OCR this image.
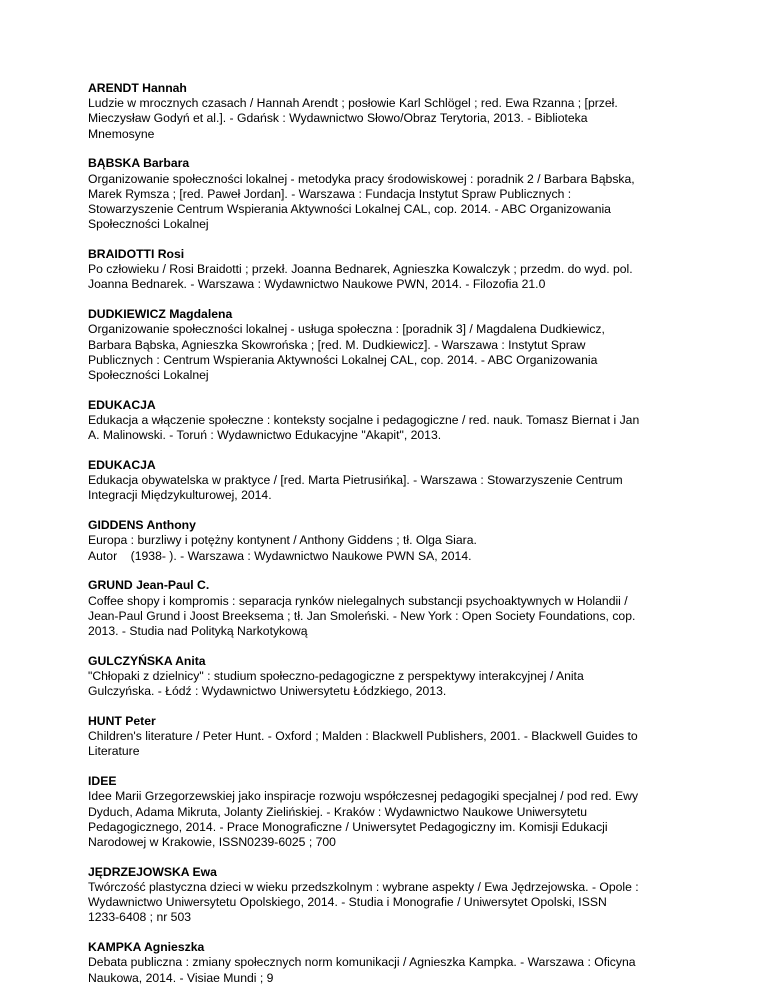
ARENDT Hannah
Ludzie w mrocznych czasach / Hannah Arendt ; posłowie Karl Schlögel ; red. Ewa Rzanna ; [przeł.
Mieczysław Godyń et al.]. - Gdańsk : Wydawnictwo Słowo/Obraz Terytoria, 2013. - Biblioteka
Mnemosyne
BĄBSKA Barbara
Organizowanie społeczności lokalnej - metodyka pracy środowiskowej : poradnik 2 / Barbara Bąbska,
Marek Rymsza ; [red. Paweł Jordan]. - Warszawa : Fundacja Instytut Spraw Publicznych :
Stowarzyszenie Centrum Wspierania Aktywności Lokalnej CAL, cop. 2014. - ABC Organizowania
Społeczności Lokalnej
BRAIDOTTI Rosi
Po człowieku / Rosi Braidotti ; przekł. Joanna Bednarek, Agnieszka Kowalczyk ; przedm. do wyd. pol.
Joanna Bednarek. - Warszawa : Wydawnictwo Naukowe PWN, 2014. - Filozofia 21.0
DUDKIEWICZ Magdalena
Organizowanie społeczności lokalnej - usługa społeczna : [poradnik 3] / Magdalena Dudkiewicz,
Barbara Bąbska, Agnieszka Skowrońska ; [red. M. Dudkiewicz]. - Warszawa : Instytut Spraw
Publicznych : Centrum Wspierania Aktywności Lokalnej CAL, cop. 2014. - ABC Organizowania
Społeczności Lokalnej
EDUKACJA
Edukacja a włączenie społeczne : konteksty socjalne i pedagogiczne / red. nauk. Tomasz Biernat i Jan
A. Malinowski. - Toruń : Wydawnictwo Edukacyjne "Akapit", 2013.
EDUKACJA
Edukacja obywatelska w praktyce / [red. Marta Pietrusińka]. - Warszawa : Stowarzyszenie Centrum
Integracji Międzykulturowej, 2014.
GIDDENS Anthony
Europa : burzliwy i potężny kontynent / Anthony Giddens ; tł. Olga Siara.
Autor    (1938- ). - Warszawa : Wydawnictwo Naukowe PWN SA, 2014.
GRUND Jean-Paul C.
Coffee shopy i kompromis : separacja rynków nielegalnych substancji psychoaktywnych w Holandii /
Jean-Paul Grund i Joost Breeksema ; tł. Jan Smoleński. - New York : Open Society Foundations, cop.
2013. - Studia nad Polityką Narkotykową
GULCZYŃSKA Anita
"Chłopaki z dzielnicy" : studium społeczno-pedagogiczne z perspektywy interakcyjnej / Anita
Gulczyńska. - Łódź : Wydawnictwo Uniwersytetu Łódzkiego, 2013.
HUNT Peter
Children's literature / Peter Hunt. - Oxford ; Malden : Blackwell Publishers, 2001. - Blackwell Guides to
Literature
IDEE
Idee Marii Grzegorzewskiej jako inspiracje rozwoju współczesnej pedagogiki specjalnej / pod red. Ewy
Dyduch, Adama Mikruta, Jolanty Zielińskiej. - Kraków : Wydawnictwo Naukowe Uniwersytetu
Pedagogicznego, 2014. - Prace Monograficzne / Uniwersytet Pedagogiczny im. Komisji Edukacji
Narodowej w Krakowie, ISSN0239-6025 ; 700
JĘDRZEJOWSKA Ewa
Twórczość plastyczna dzieci w wieku przedszkolnym : wybrane aspekty / Ewa Jędrzejowska. - Opole :
Wydawnictwo Uniwersytetu Opolskiego, 2014. - Studia i Monografie / Uniwersytet Opolski, ISSN
1233-6408 ; nr 503
KAMPKA Agnieszka
Debata publiczna : zmiany społecznych norm komunikacji / Agnieszka Kampka. - Warszawa : Oficyna
Naukowa, 2014. - Visiae Mundi ; 9
